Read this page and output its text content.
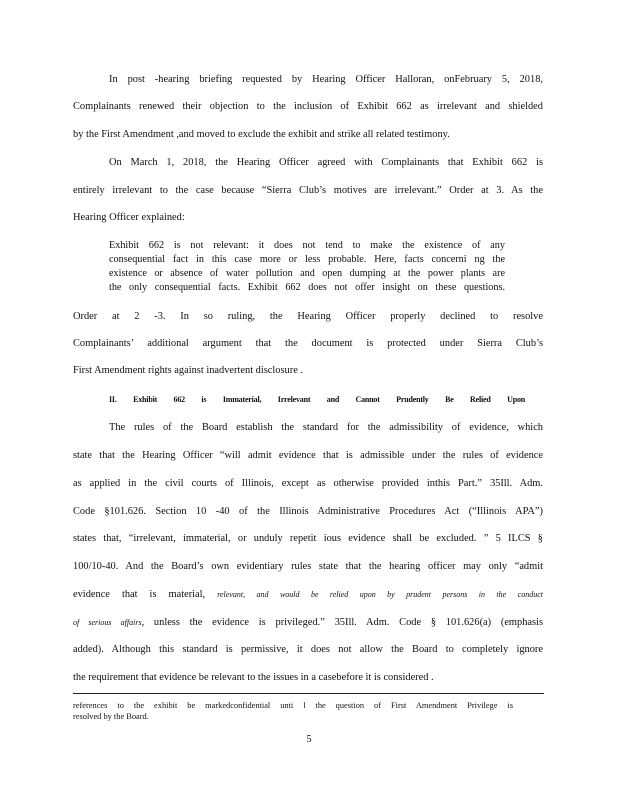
In post -hearing briefing requested by Hearing Officer Halloran, onFebruary 5, 2018,
Complainants renewed their objection to the inclusion of Exhibit 662 as irrelevant and shielded
by the First Amendment ,and moved to exclude the exhibit and strike all related testimony.
On March 1, 2018, the Hearing Officer agreed with Complainants that Exhibit 662 is
entirely irrelevant to the case because “Sierra Club’s motives are irrelevant.” Order at 3. As the
Hearing Officer explained:
Exhibit 662 is not relevant: it does not tend to make the existence of any
consequential fact in this case more or less probable. Here, facts concerni ng the
existence or absence of water pollution and open dumping at the power plants are
the only consequential facts. Exhibit 662 does not offer insight on these questions.
Order at 2 -3. In so ruling, the Hearing Officer properly declined to resolve
Complainants’ additional argument that the document is protected under Sierra Club’s
First Amendment rights against inadvertent disclosure .
II. Exhibit 662 is Immaterial, Irrelevant and Cannot Prudently Be Relied Upon
The rules of the Board establish the standard for the admissibility of evidence, which
state that the Hearing Officer “will admit evidence that is admissible under the rules of evidence
as applied in the civil courts of Illinois, except as otherwise provided inthis Part.” 35Ill. Adm.
Code §101.626. Section 10 -40 of the Illinois Administrative Procedures Act (“Illinois APA”)
states that, “irrelevant, immaterial, or unduly repetit ious evidence shall be excluded. ” 5 ILCS §
100/10-40. And the Board’s own evidentiary rules state that the hearing officer may only “admit
evidence that is material, relevant, and would be relied upon by prudent persons in the conduct
of serious affairs, unless the evidence is privileged.” 35Ill. Adm. Code § 101.626(a) (emphasis
added). Although this standard is permissive, it does not allow the Board to completely ignore
the requirement that evidence be relevant to the issues in a casebefore it is considered .
references to the exhibit be markedconfidential unti l the question of First Amendment Privilege is
resolved by the Board.
5
